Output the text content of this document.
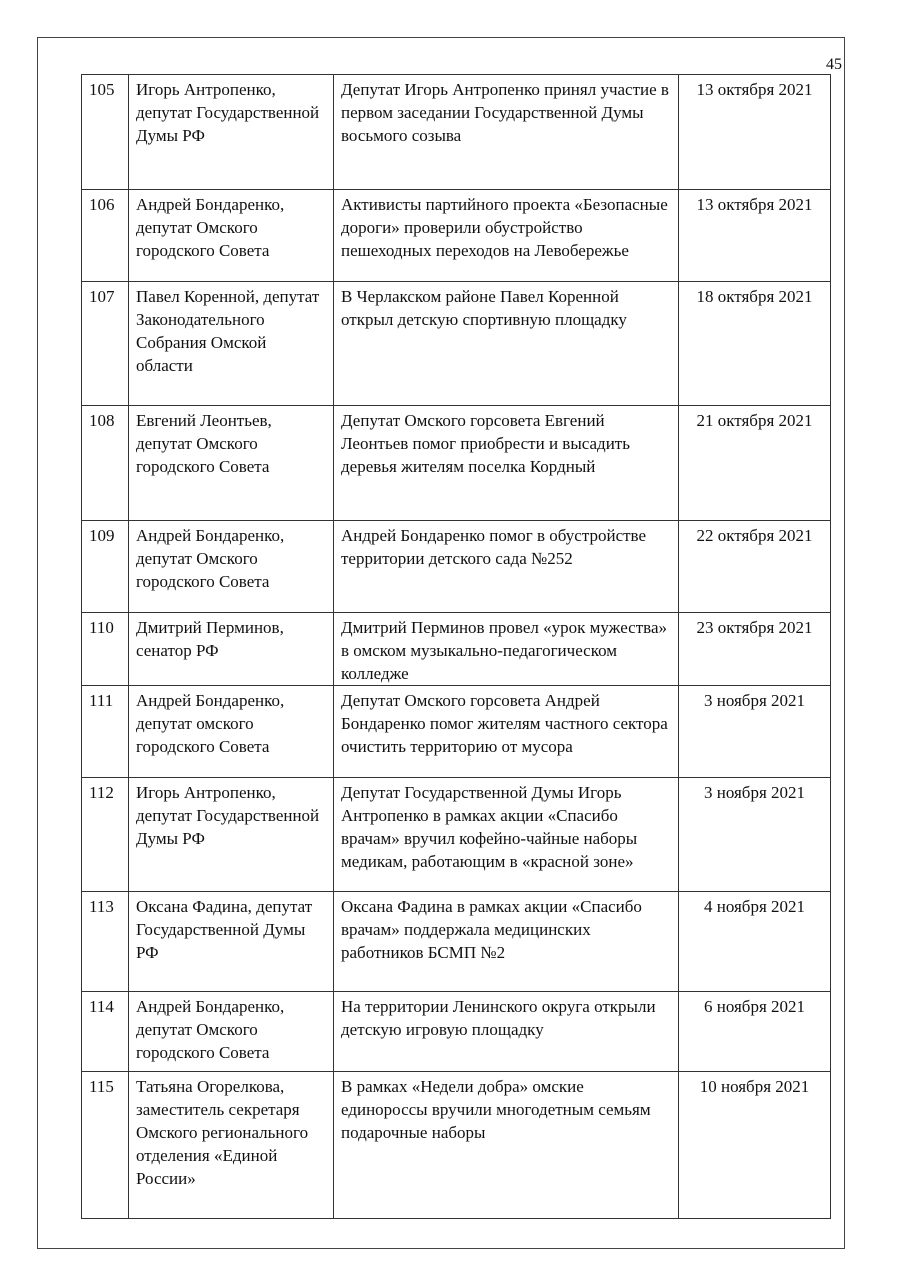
45
105	Игорь Антропенко, депутат Государственной Думы РФ	Депутат Игорь Антропенко принял участие в первом заседании Государственной Думы восьмого созыва	13 октября 2021
106	Андрей Бондаренко, депутат Омского городского Совета	Активисты партийного проекта «Безопасные дороги» проверили обустройство пешеходных переходов на Левобережье	13 октября 2021
107	Павел Коренной, депутат Законодательного Собрания Омской области	В Черлакском районе Павел Коренной открыл детскую спортивную площадку	18 октября 2021
108	Евгений Леонтьев, депутат Омского городского Совета	Депутат Омского горсовета Евгений Леонтьев помог приобрести и высадить деревья жителям поселка Кордный	21 октября 2021
109	Андрей Бондаренко, депутат Омского городского Совета	Андрей Бондаренко помог в обустройстве территории детского сада №252	22 октября 2021
110	Дмитрий Перминов, сенатор РФ	Дмитрий Перминов провел «урок мужества» в омском музыкально-педагогическом колледже	23 октября 2021
111	Андрей Бондаренко, депутат омского городского Совета	Депутат Омского горсовета Андрей Бондаренко помог жителям частного сектора очистить территорию от мусора	3 ноября 2021
112	Игорь Антропенко, депутат Государственной Думы РФ	Депутат Государственной Думы Игорь Антропенко в рамках акции «Спасибо врачам» вручил кофейно-чайные наборы медикам, работающим в «красной зоне»	3 ноября 2021
113	Оксана Фадина, депутат Государственной Думы РФ	Оксана Фадина в рамках акции «Спасибо врачам» поддержала медицинских работников БСМП №2	4 ноября 2021
114	Андрей Бондаренко, депутат Омского городского Совета	На территории Ленинского округа открыли детскую игровую площадку	6 ноября 2021
115	Татьяна Огорелкова, заместитель секретаря Омского регионального отделения «Единой России»	В рамках «Недели добра» омские единороссы вручили многодетным семьям подарочные наборы	10 ноября 2021
